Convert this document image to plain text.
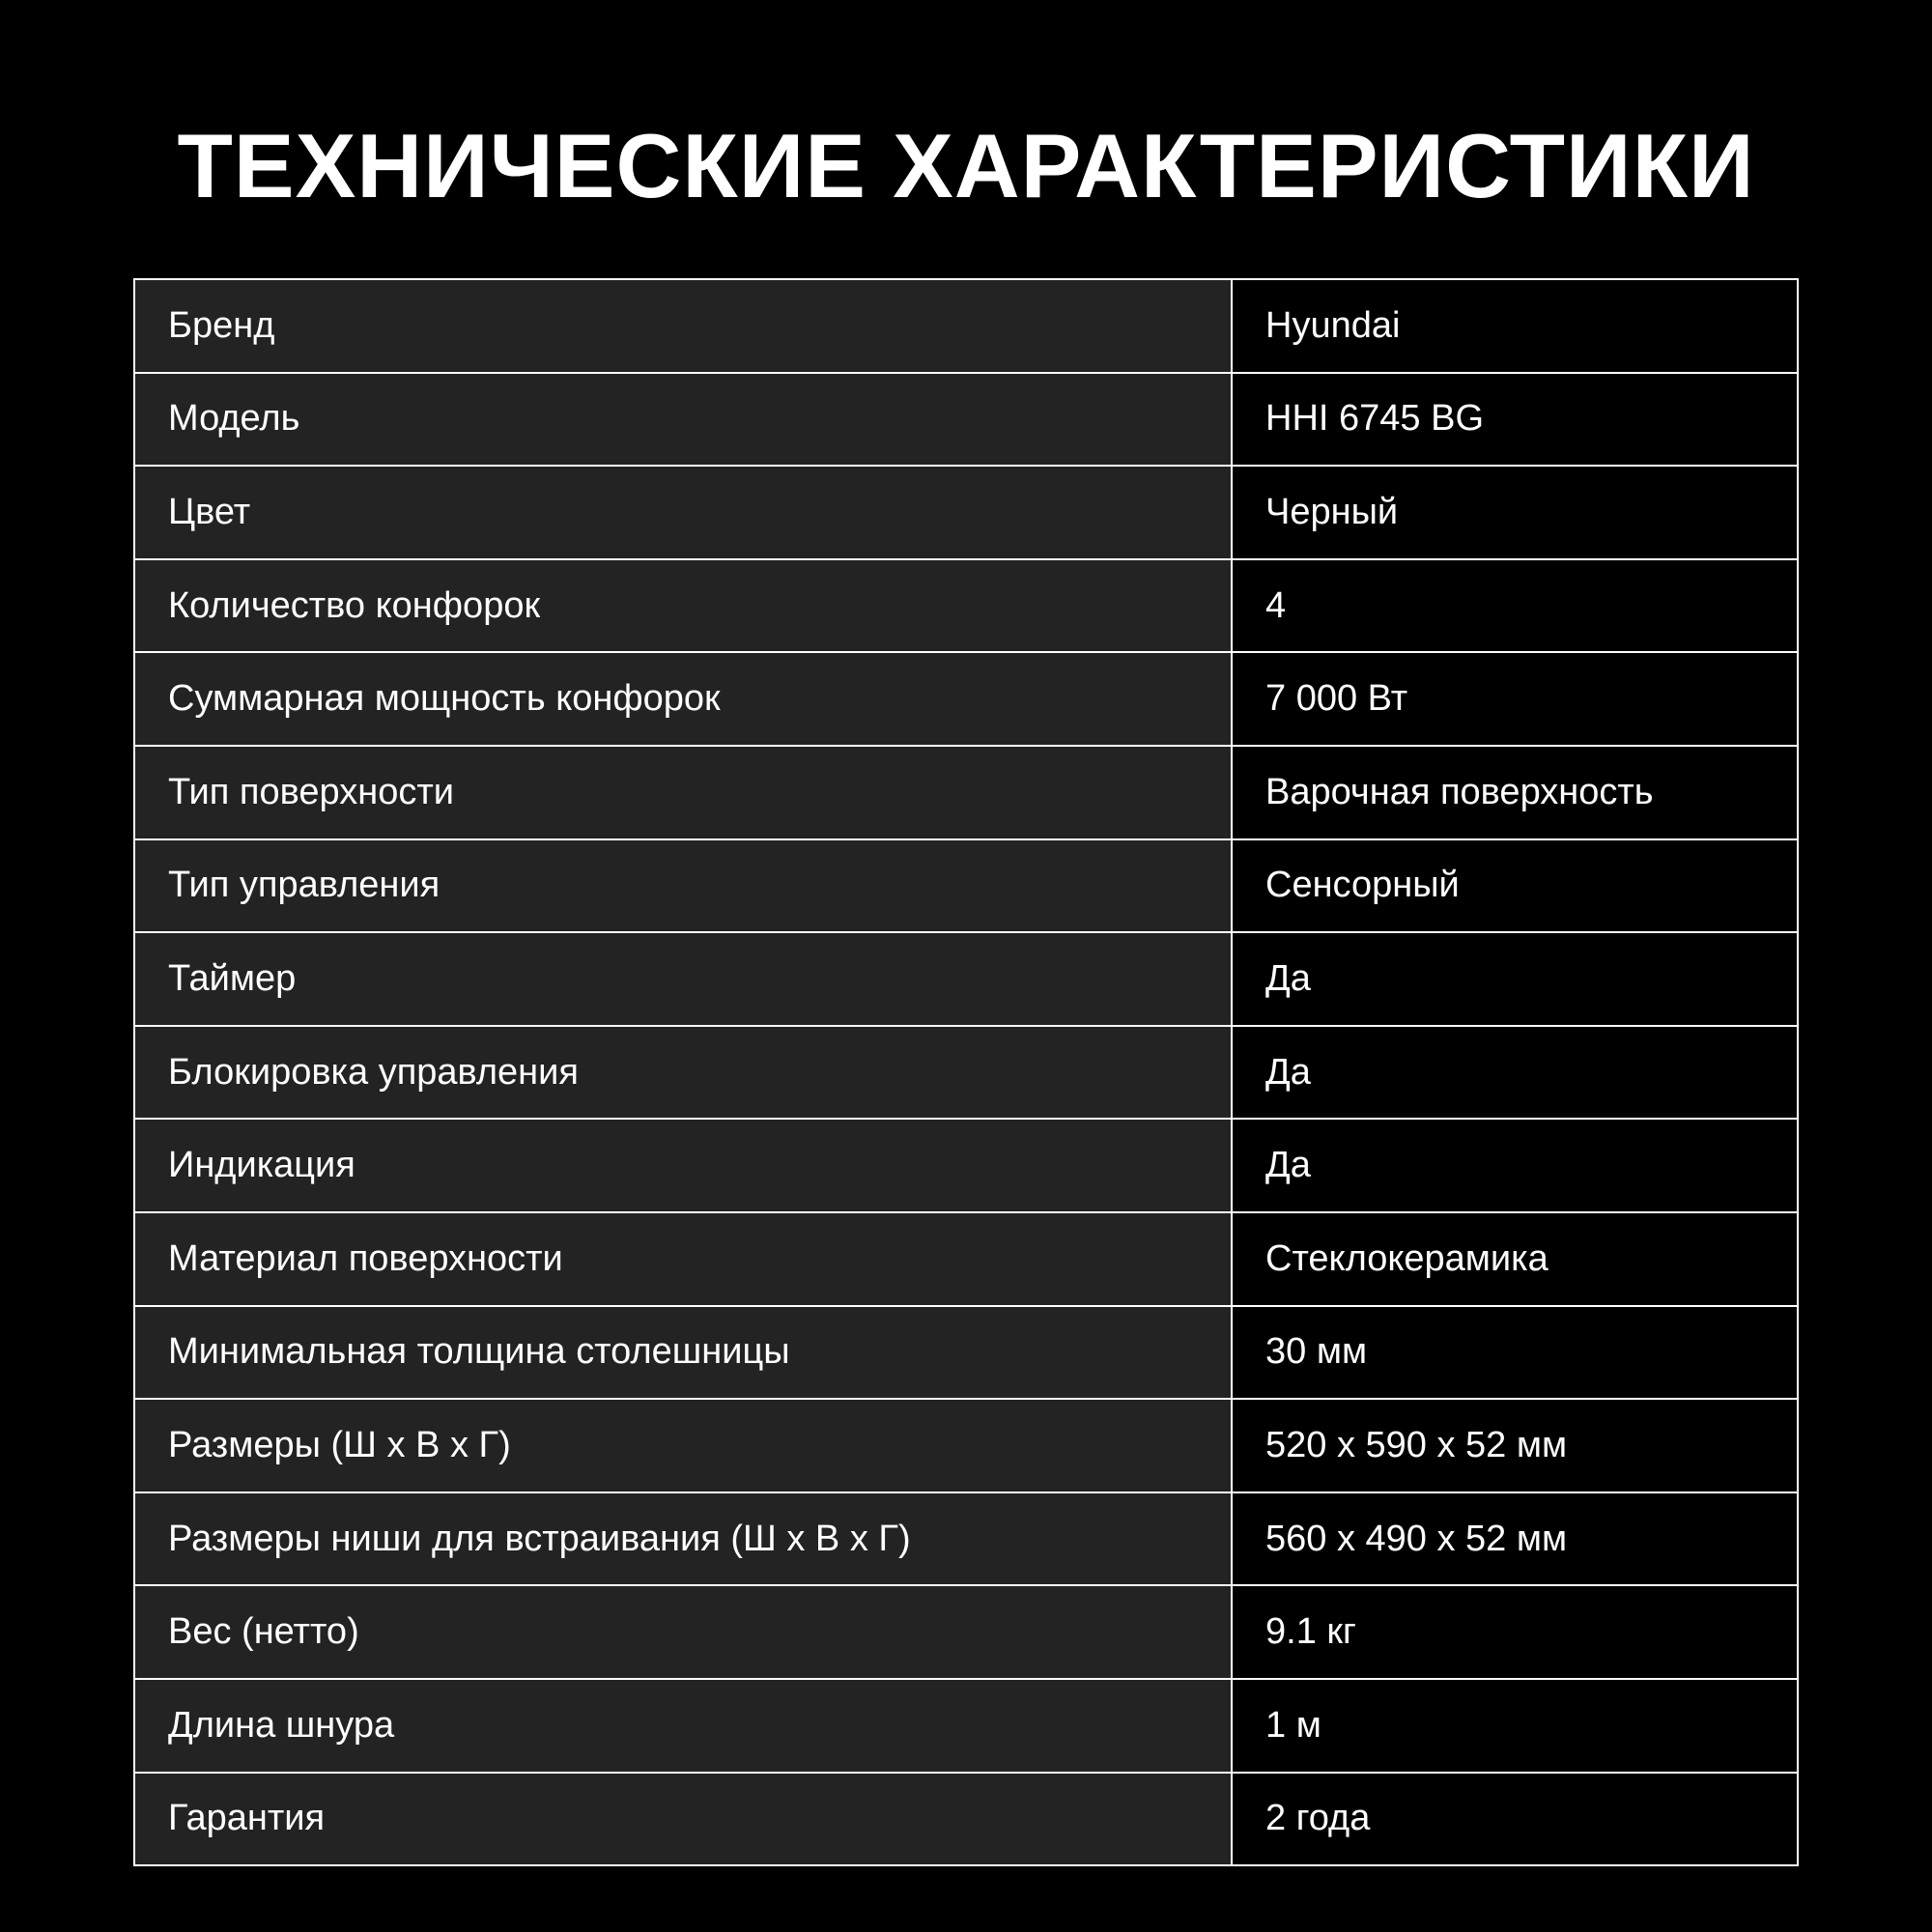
ТЕХНИЧЕСКИЕ ХАРАКТЕРИСТИКИ
Бренд	Hyundai
Модель	HHI 6745 BG
Цвет	Черный
Количество конфорок	4
Суммарная мощность конфорок	7 000 Вт
Тип поверхности	Варочная поверхность
Тип управления	Сенсорный
Таймер	Да
Блокировка управления	Да
Индикация	Да
Материал поверхности	Стеклокерамика
Минимальная толщина столешницы	30 мм
Размеры (Ш х В х Г)	520 х 590 х 52 мм
Размеры ниши для встраивания (Ш х В х Г)	560 х 490 х 52 мм
Вес (нетто)	9.1 кг
Длина шнура	1 м
Гарантия	2 года
